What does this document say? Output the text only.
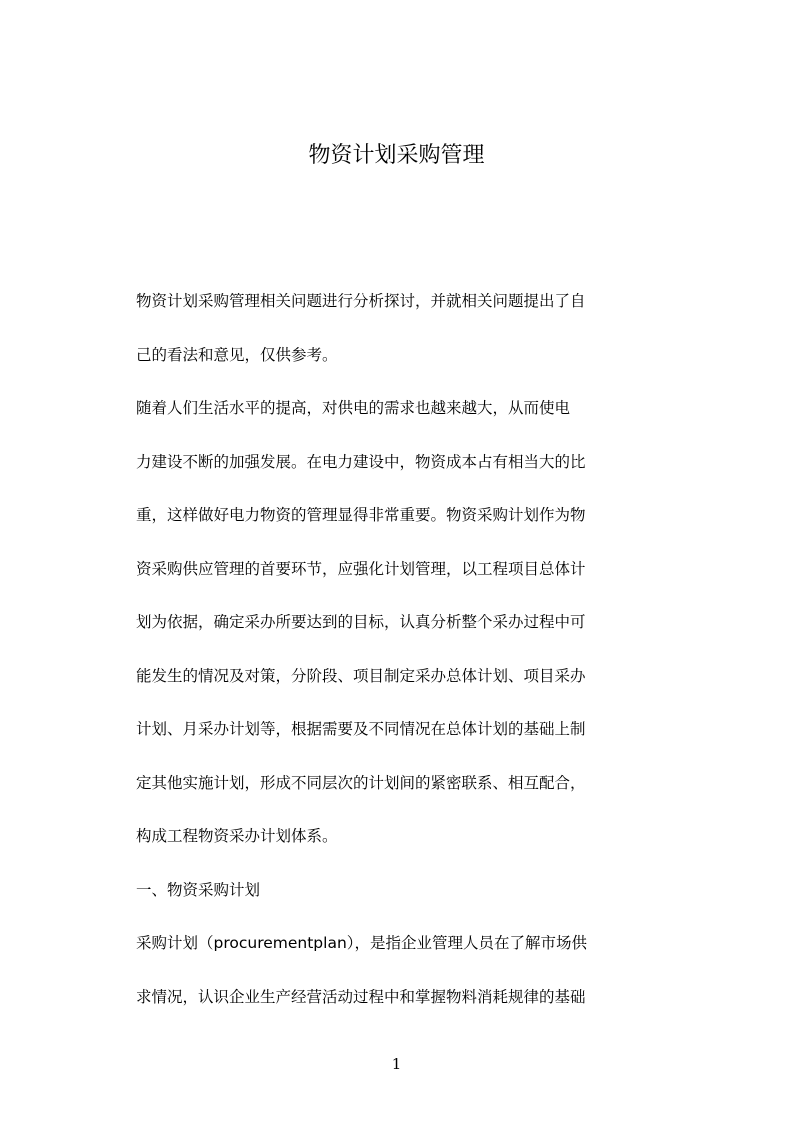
物资计划采购管理
物资计划采购管理相关问题进行分析探讨，并就相关问题提出了自
己的看法和意见，仅供参考。
随着人们生活水平的提高，对供电的需求也越来越大，从而使电
力建设不断的加强发展。在电力建设中，物资成本占有相当大的比
重，这样做好电力物资的管理显得非常重要。物资采购计划作为物
资采购供应管理的首要环节，应强化计划管理，以工程项目总体计
划为依据，确定采办所要达到的目标，认真分析整个采办过程中可
能发生的情况及对策，分阶段、项目制定采办总体计划、项目采办
计划、月采办计划等，根据需要及不同情况在总体计划的基础上制
定其他实施计划，形成不同层次的计划间的紧密联系、相互配合，
构成工程物资采办计划体系。
一、物资采购计划
采购计划（procurementplan），是指企业管理人员在了解市场供
求情况，认识企业生产经营活动过程中和掌握物料消耗规律的基础
1
